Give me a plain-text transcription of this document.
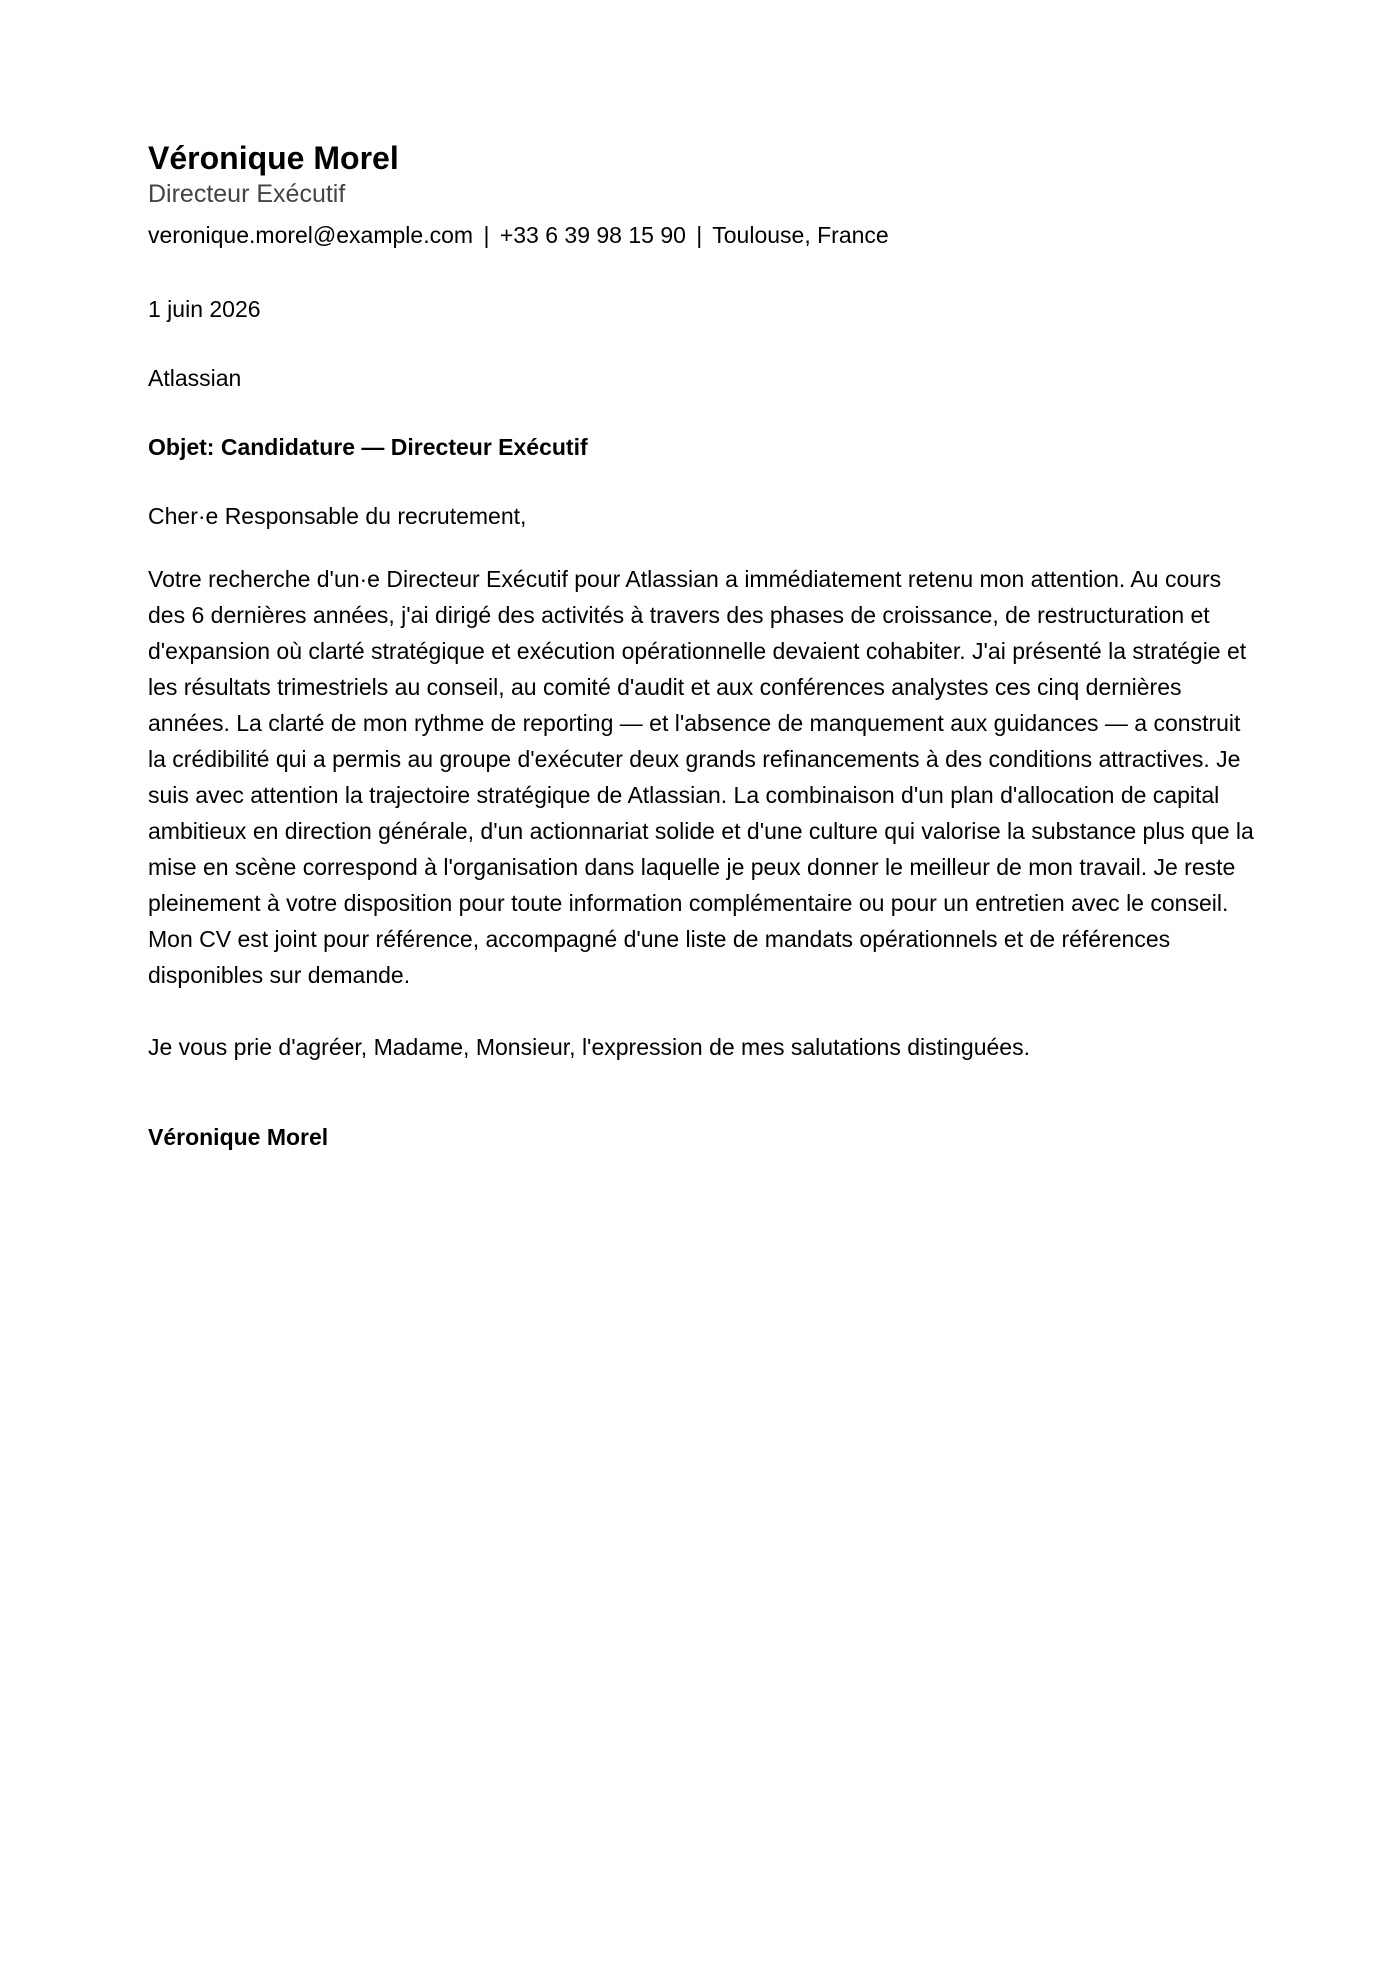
Véronique Morel
Directeur Exécutif
veronique.morel@example.com | +33 6 39 98 15 90 | Toulouse, France
1 juin 2026
Atlassian
Objet: Candidature — Directeur Exécutif
Cher·e Responsable du recrutement,

Votre recherche d'un·e Directeur Exécutif pour Atlassian a immédiatement retenu mon attention. Au cours des 6 dernières années, j'ai dirigé des activités à travers des phases de croissance, de restructuration et d'expansion où clarté stratégique et exécution opérationnelle devaient cohabiter. J'ai présenté la stratégie et les résultats trimestriels au conseil, au comité d'audit et aux conférences analystes ces cinq dernières années. La clarté de mon rythme de reporting — et l'absence de manquement aux guidances — a construit la crédibilité qui a permis au groupe d'exécuter deux grands refinancements à des conditions attractives. Je suis avec attention la trajectoire stratégique de Atlassian. La combinaison d'un plan d'allocation de capital ambitieux en direction générale, d'un actionnariat solide et d'une culture qui valorise la substance plus que la mise en scène correspond à l'organisation dans laquelle je peux donner le meilleur de mon travail. Je reste pleinement à votre disposition pour toute information complémentaire ou pour un entretien avec le conseil. Mon CV est joint pour référence, accompagné d'une liste de mandats opérationnels et de références disponibles sur demande.

Je vous prie d'agréer, Madame, Monsieur, l'expression de mes salutations distinguées.
Véronique Morel
